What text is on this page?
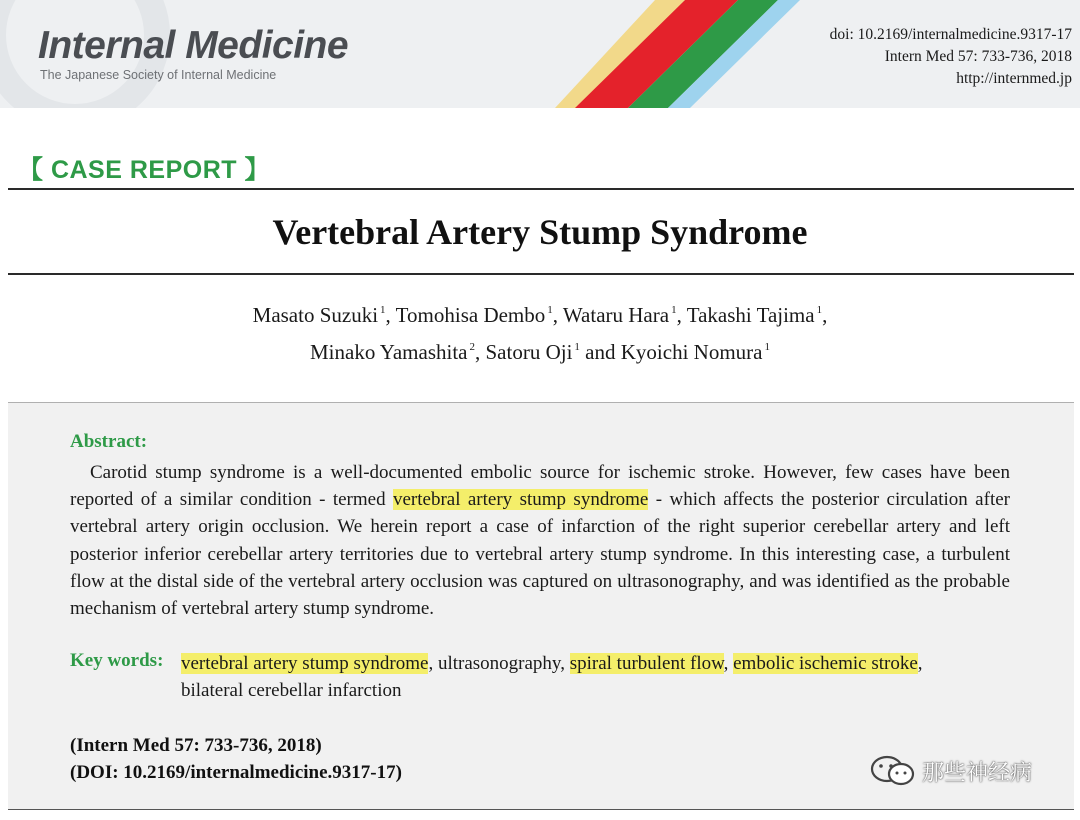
Internal Medicine
The Japanese Society of Internal Medicine
doi: 10.2169/internalmedicine.9317-17
Intern Med 57: 733-736, 2018
http://internmed.jp
【 CASE REPORT 】
Vertebral Artery Stump Syndrome
Masato Suzuki $^1$, Tomohisa Dembo $^1$, Wataru Hara $^1$, Takashi Tajima $^1$,
Minako Yamashita $^2$, Satoru Oji $^1$ and Kyoichi Nomura $^1$
Abstract:
Carotid stump syndrome is a well-documented embolic source for ischemic stroke. However, few cases have been reported of a similar condition - termed vertebral artery stump syndrome - which affects the posterior circulation after vertebral artery origin occlusion. We herein report a case of infarction of the right superior cerebellar artery and left posterior inferior cerebellar artery territories due to vertebral artery stump syndrome. In this interesting case, a turbulent flow at the distal side of the vertebral artery occlusion was captured on ultrasonography, and was identified as the probable mechanism of vertebral artery stump syndrome.
Key words: vertebral artery stump syndrome, ultrasonography, spiral turbulent flow, embolic ischemic stroke,
bilateral cerebellar infarction
(Intern Med 57: 733-736, 2018)
(DOI: 10.2169/internalmedicine.9317-17)	那些神经病
